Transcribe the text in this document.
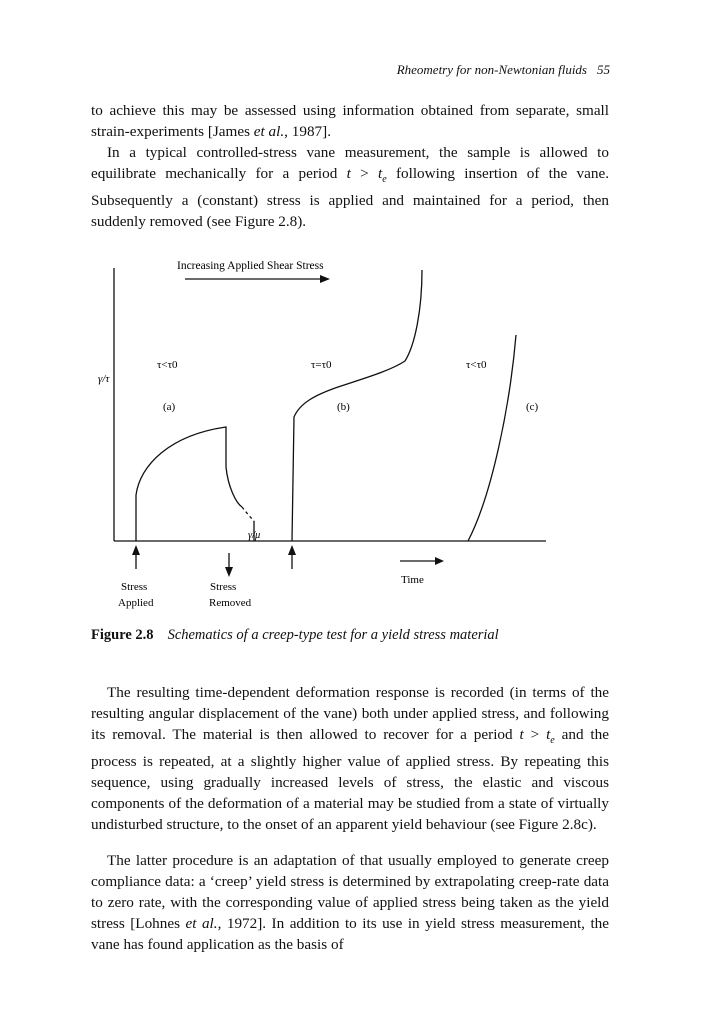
Rheometry for non-Newtonian fluids 55

to achieve this may be assessed using information obtained from separate, small strain-experiments [James et al., 1987].

In a typical controlled-stress vane measurement, the sample is allowed to equilibrate mechanically for a period $t > t_e$ following insertion of the vane. Subsequently a (constant) stress is applied and maintained for a period, then suddenly removed (see Figure 2.8).

Increasing Applied Shear Stress
γ/τ
τ<τ0
(a)
τ=τ0
(b)
τ<τ0
(c)
γ/μ
Time
Stress
Applied
Stress
Removed
Figure 2.8 Schematics of a creep-type test for a yield stress material

The resulting time-dependent deformation response is recorded (in terms of the resulting angular displacement of the vane) both under applied stress, and following its removal. The material is then allowed to recover for a period $t > t_e$ and the process is repeated, at a slightly higher value of applied stress. By repeating this sequence, using gradually increased levels of stress, the elastic and viscous components of the deformation of a material may be studied from a state of virtually undisturbed structure, to the onset of an apparent yield behaviour (see Figure 2.8c).

The latter procedure is an adaptation of that usually employed to generate creep compliance data: a ‘creep’ yield stress is determined by extrapolating creep-rate data to zero rate, with the corresponding value of applied stress being taken as the yield stress [Lohnes et al., 1972]. In addition to its use in yield stress measurement, the vane has found application as the basis of
